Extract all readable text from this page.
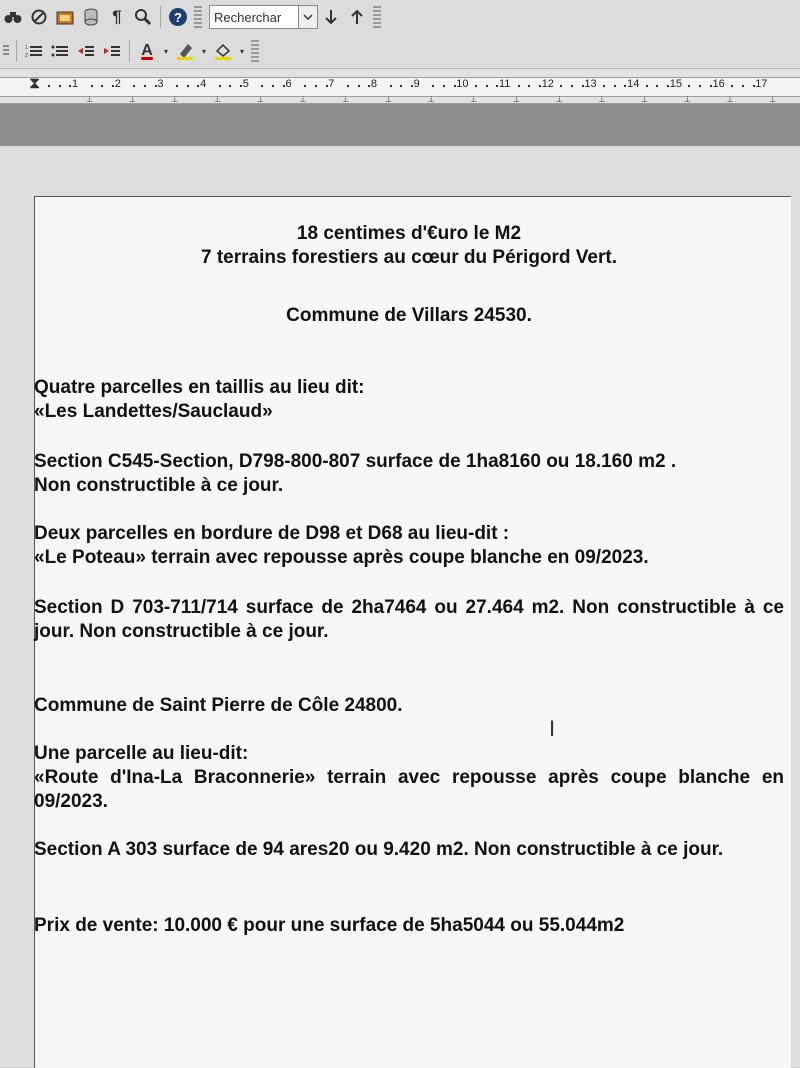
¶	?
Recherchar
1
2	A	▾	▾	▾
⧗	1
⊥
2
⊥
3
⊥
4
⊥
5
⊥
6
⊥
7
⊥
8
⊥
9
⊥
10
⊥
11
⊥
12
⊥
13
⊥
14
⊥
15
⊥
16
⊥
17
⊥

18 centimes d'€uro le M2

7 terrains forestiers au cœur du Périgord Vert.

Commune de Villars 24530.

Quatre parcelles en taillis au lieu dit:

«Les Landettes/Sauclaud»

Section C545-Section, D798-800-807 surface de 1ha8160 ou 18.160 m2 .

Non constructible à ce jour.

Deux parcelles en bordure de D98 et D68 au lieu-dit :

«Le Poteau» terrain avec repousse après coupe blanche en 09/2023.

Section D 703-711/714 surface de 2ha7464 ou 27.464 m2. Non constructible à ce jour. Non constructible à ce jour.

Commune de Saint Pierre de Côle 24800.

Une parcelle au lieu-dit:

«Route d'Ina-La Braconnerie» terrain avec repousse après coupe blanche en 09/2023.

Section A 303 surface de 94 ares20 ou 9.420 m2. Non constructible à ce jour.

Prix de vente: 10.000 € pour une surface de 5ha5044 ou 55.044m2

I
